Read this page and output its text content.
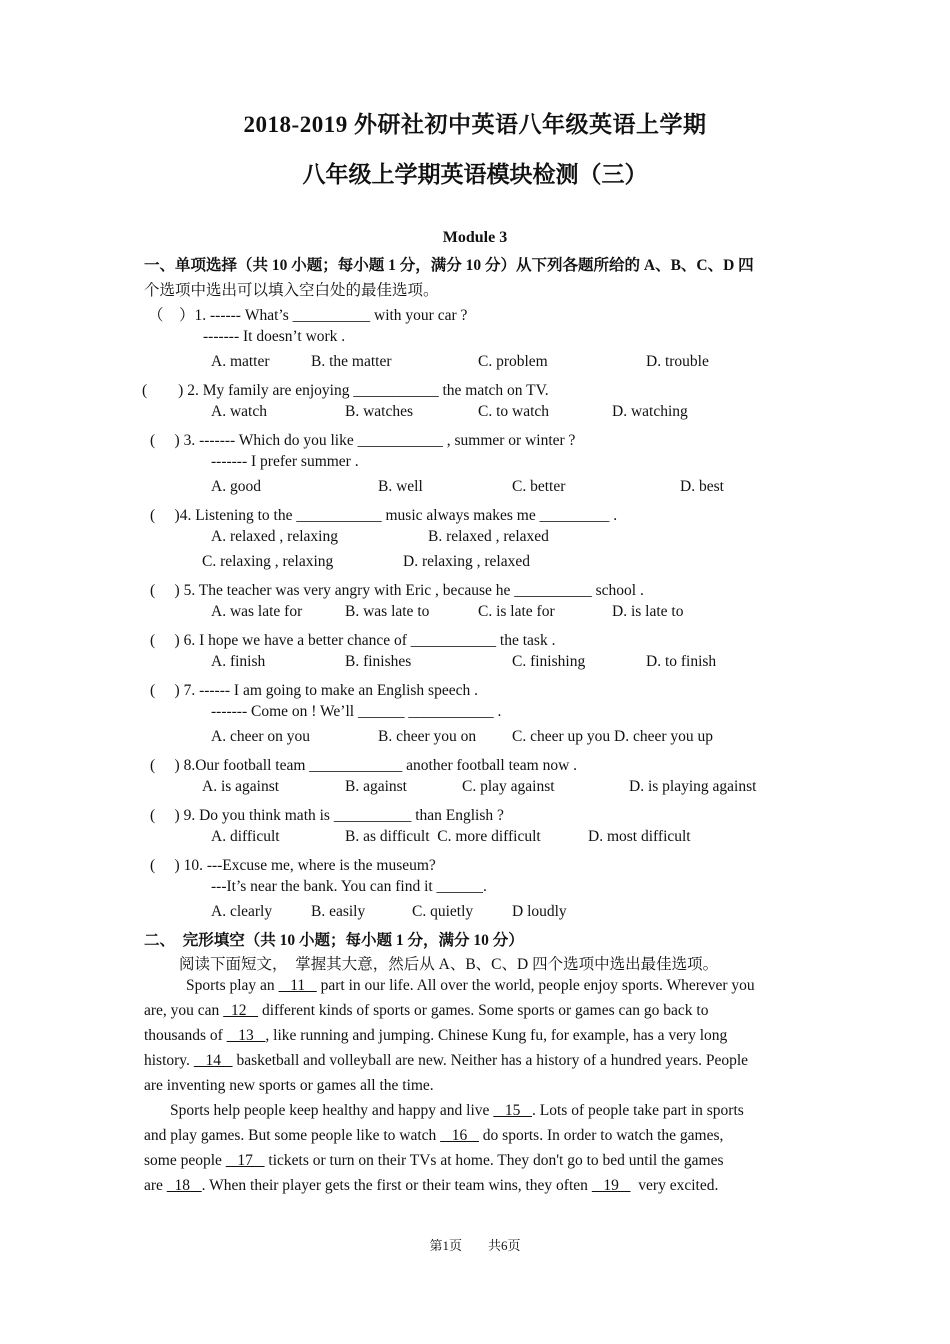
2018-2019 外研社初中英语八年级英语上学期
八年级上学期英语模块检测（三）
Module 3
一、单项选择（共 10 小题；每小题 1 分，满分 10 分）从下列各题所给的 A、B、C、D 四
个选项中选出可以填入空白处的最佳选项。
（　）1. ------ What’s __________ with your car ?
------- It doesn’t work .
A. matter	B. the matter	C. problem	D. trouble
(　　) 2. My family are enjoying ___________ the match on TV.
A. watch	B. watches	C. to watch	D. watching
(　 ) 3. ------- Which do you like ___________ , summer or winter ?
------- I prefer summer .
A. good	B. well	C. better	D. best
(　 )4. Listening to the ___________ music always makes me _________ .
A. relaxed , relaxing	B. relaxed , relaxed
C. relaxing , relaxing	D. relaxing , relaxed
(　 ) 5. The teacher was very angry with Eric , because he __________ school .
A. was late for	B. was late to	C. is late for	D. is late to
(　 ) 6. I hope we have a better chance of ___________ the task .
A. finish	B. finishes	C. finishing	D. to finish
(　 ) 7. ------ I am going to make an English speech .
------- Come on ! We’ll ______ ___________ .
A. cheer on you	B. cheer you on C. cheer up you D. cheer you up
(　 ) 8.Our football team ____________ another football team now .
A. is against	B. against	C. play against	D. is playing against
(　 ) 9. Do you think math is __________ than English ?
A. difficult	B. as difficult  C. more difficult	D. most difficult
(　 ) 10. ---Excuse me, where is the museum?
---It’s near the bank. You can find it ______.
A. clearly	B. easily	C. quietly	D loudly
二、　完形填空（共 10 小题；每小题 1 分，满分 10 分）
阅读下面短文，　掌握其大意，然后从 A、B、C、D 四个选项中选出最佳选项。
Sports play an    11    part in our life. All over the world, people enjoy sports. Wherever you
are, you can   12    different kinds of sports or games. Some sports or games can go back to
thousands of    13   , like running and jumping. Chinese Kung fu, for example, has a very long
history.    14    basketball and volleyball are new. Neither has a history of a hundred years. People
are inventing new sports or games all the time.
Sports help people keep healthy and happy and live    15   . Lots of people take part in sports
and play games. But some people like to watch    16    do sports. In order to watch the games,
some people    17    tickets or turn on their TVs at home. They don't go to bed until the games
are   18   . When their player gets the first or their team wins, they often    19     very excited.
第1页　　共6页
